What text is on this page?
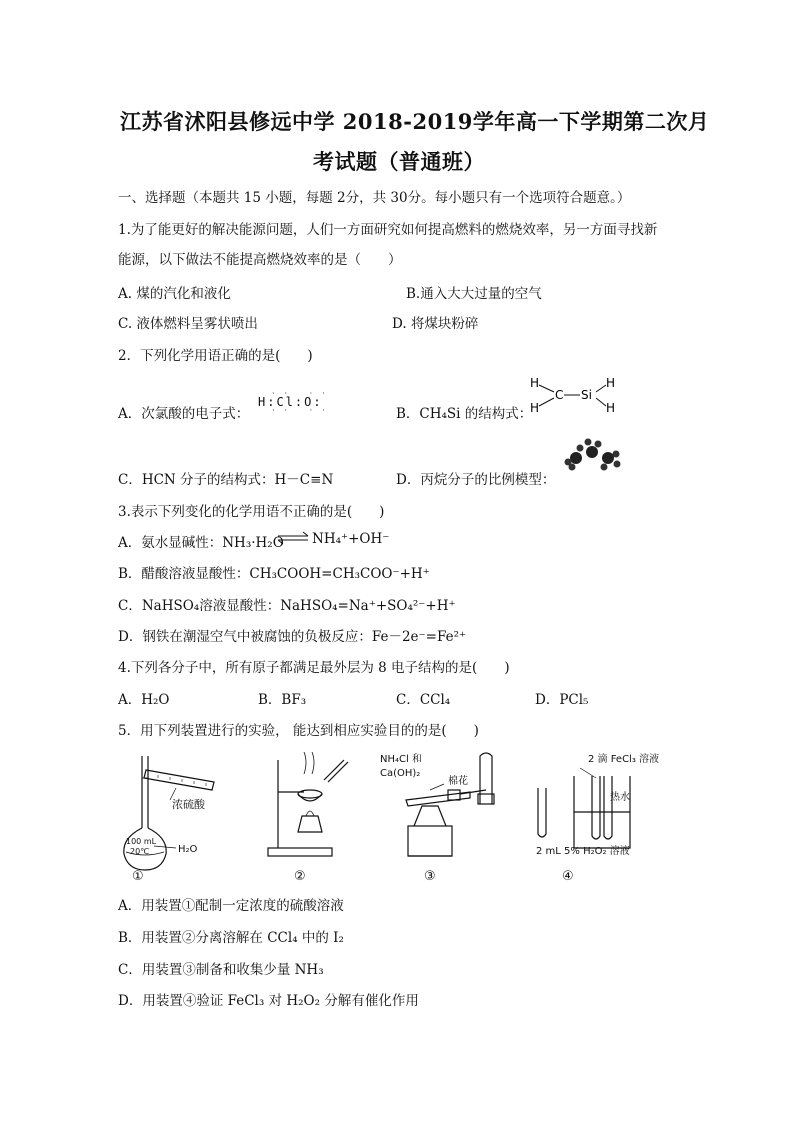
江苏省沭阳县修远中学 2018-2019学年高一下学期第二次月
考试题（普通班）
一、选择题（本题共 15 小题，每题 2分，共 30分。每小题只有一个选项符合题意。）
1.为了能更好的解决能源问题，人们一方面研究如何提高燃料的燃烧效率，另一方面寻找新
能源，以下做法不能提高燃烧效率的是（　　）
A. 煤的汽化和液化	B.通入大大过量的空气
C. 液体燃料呈雾状喷出	D. 将煤块粉碎
2．下列化学用语正确的是(　　)
A．次氯酸的电子式：
H:Cl:O:
·· ··
·· ··	B．CH₄Si 的结构式：
H
H
C Si
H
H
C．HCN 分子的结构式：H－C≡N	D．丙烷分子的比例模型：
3.表示下列变化的化学用语不正确的是(　　)
A．氨水显碱性：NH₃·H₂O ⇌ NH₄⁺+OH⁻
B．醋酸溶液显酸性：CH₃COOH=CH₃COO⁻+H⁺
C．NaHSO₄溶液显酸性：NaHSO₄=Na⁺+SO₄²⁻+H⁺
D．钢铁在潮湿空气中被腐蚀的负极反应：Fe－2e⁻=Fe²⁺
4.下列各分子中，所有原子都满足最外层为 8 电子结构的是(　　)
A．H₂O	B．BF₃	C．CCl₄	D．PCl₅
5．用下列装置进行的实验， 能达到相应实验目的的是(　　)
浓硫酸
100 mL
20℃	H₂O
NH₄Cl 和
Ca(OH)₂
棉花
2 滴 FeCl₃ 溶液
热水
2 mL 5% H₂O₂ 溶液
①	②	③	④
A．用装置①配制一定浓度的硫酸溶液
B．用装置②分离溶解在 CCl₄ 中的 I₂
C．用装置③制备和收集少量 NH₃
D．用装置④验证 FeCl₃ 对 H₂O₂ 分解有催化作用
